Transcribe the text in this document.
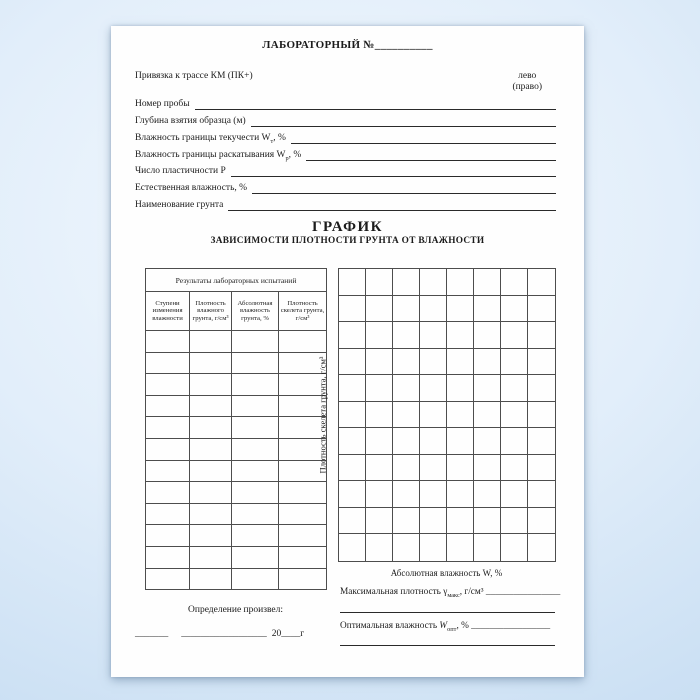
ЛАБОРАТОРНЫЙ №__________
Привязка к трассе КМ (ПК+)	лево
(право)
Номер пробы
Глубина взятия образца (м)
Влажность границы текучести $W_т$, %
Влажность границы раскатывания $W_р$, %
Число пластичности Р
Естественная влажность, %
Наименование грунта
ГРАФИК
ЗАВИСИМОСТИ ПЛОТНОСТИ ГРУНТА ОТ ВЛАЖНОСТИ
Результаты лабораторных испытаний			
Ступени изменения влажности	Плотность влажного грунта, г/см³	Абсолютная влажность грунта, %	Плотность скелета грунта, г/см³

Плотность скелета грунта, г/см³
Абсолютная влажность W, %
Максимальная плотность $\gamma_{макс}$, г/см³ ________________
Оптимальная влажность $W_{опт}$, % _________________
Определение произвел:
_______ __________________ 20____г
